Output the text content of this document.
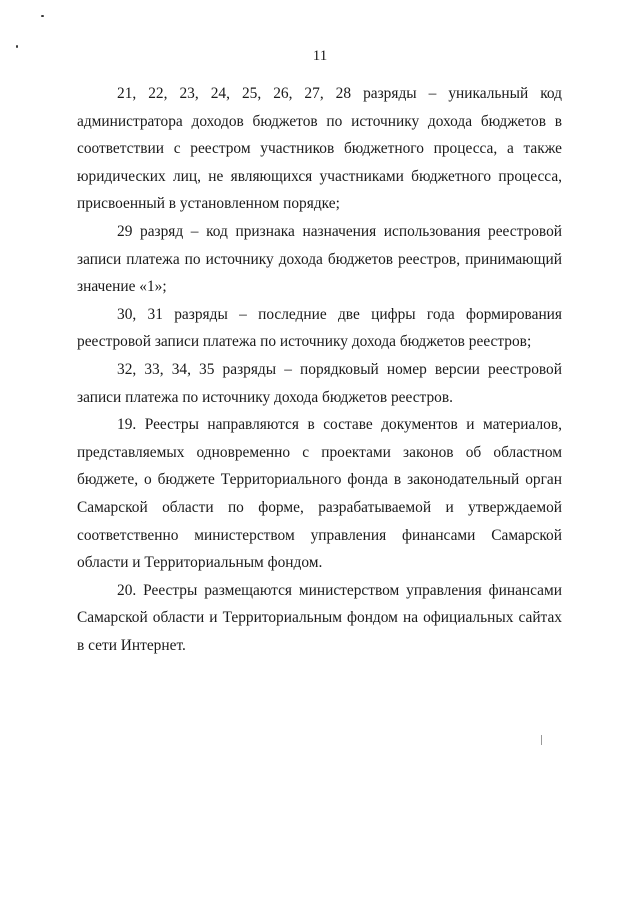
11

21, 22, 23, 24, 25, 26, 27, 28 разряды – уникальный код администратора доходов бюджетов по источнику дохода бюджетов в соответствии с реестром участников бюджетного процесса, а также юридических лиц, не являющихся участниками бюджетного процесса, присвоенный в установленном порядке;

29 разряд – код признака назначения использования реестровой записи платежа по источнику дохода бюджетов реестров, принимающий значение «1»;

30, 31 разряды – последние две цифры года формирования реестровой записи платежа по источнику дохода бюджетов реестров;

32, 33, 34, 35 разряды – порядковый номер версии реестровой записи платежа по источнику дохода бюджетов реестров.

19. Реестры направляются в составе документов и материалов, представляемых одновременно с проектами законов об областном бюджете, о бюджете Территориального фонда в законодательный орган Самарской области по форме, разрабатываемой и утверждаемой соответственно министерством управления финансами Самарской области и Территориальным фондом.

20. Реестры размещаются министерством управления финансами Самарской области и Территориальным фондом на официальных сайтах в сети Интернет.
